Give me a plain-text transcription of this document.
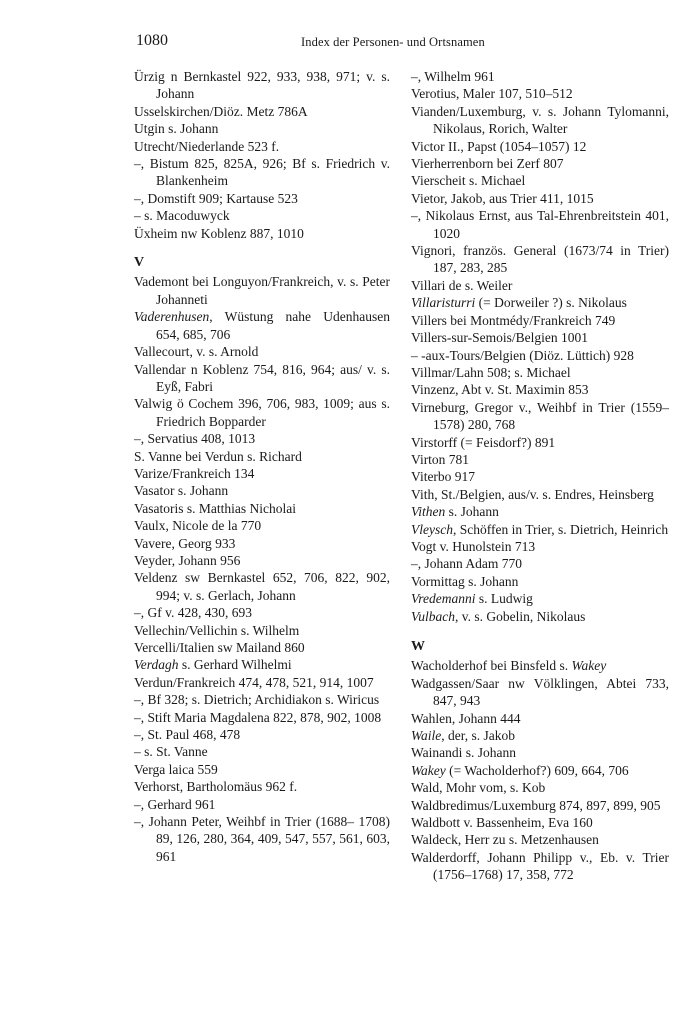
1080	Index der Personen- und Ortsnamen
Ürzig n Bernkastel 922, 933, 938, 971; v. s. Johann
Usselskirchen/Diöz. Metz 786A
Utgin s. Johann
Utrecht/Niederlande 523 f.
–, Bistum 825, 825A, 926; Bf s. Friedrich v. Blankenheim
–, Domstift 909; Kartause 523
– s. Macoduwyck
Üxheim nw Koblenz 887, 1010
V
Vademont bei Longuyon/Frankreich, v. s. Peter Johanneti
Vaderenhusen, Wüstung nahe Udenhausen 654, 685, 706
Vallecourt, v. s. Arnold
Vallendar n Koblenz 754, 816, 964; aus/ v. s. Eyß, Fabri
Valwig ö Cochem 396, 706, 983, 1009; aus s. Friedrich Bopparder
–, Servatius 408, 1013
S. Vanne bei Verdun s. Richard
Varize/Frankreich 134
Vasator s. Johann
Vasatoris s. Matthias Nicholai
Vaulx, Nicole de la 770
Vavere, Georg 933
Veyder, Johann 956
Veldenz sw Bernkastel 652, 706, 822, 902, 994; v. s. Gerlach, Johann
–, Gf v. 428, 430, 693
Vellechin/Vellichin s. Wilhelm
Vercelli/Italien sw Mailand 860
Verdagh s. Gerhard Wilhelmi
Verdun/Frankreich 474, 478, 521, 914, 1007
–, Bf 328; s. Dietrich; Archidiakon s. Wiricus
–, Stift Maria Magdalena 822, 878, 902, 1008
–, St. Paul 468, 478
– s. St. Vanne
Verga laica 559
Verhorst, Bartholomäus 962 f.
–, Gerhard 961
–, Johann Peter, Weihbf in Trier (1688– 1708) 89, 126, 280, 364, 409, 547, 557, 561, 603, 961
–, Wilhelm 961
Verotius, Maler 107, 510–512
Vianden/Luxemburg, v. s. Johann Tylomanni, Nikolaus, Rorich, Walter
Victor II., Papst (1054–1057) 12
Vierherrenborn bei Zerf 807
Vierscheit s. Michael
Vietor, Jakob, aus Trier 411, 1015
–, Nikolaus Ernst, aus Tal-Ehrenbreitstein 401, 1020
Vignori, französ. General (1673/74 in Trier) 187, 283, 285
Villari de s. Weiler
Villaristurri (= Dorweiler ?) s. Nikolaus
Villers bei Montmédy/Frankreich 749
Villers-sur-Semois/Belgien 1001
– -aux-Tours/Belgien (Diöz. Lüttich) 928
Villmar/Lahn 508; s. Michael
Vinzenz, Abt v. St. Maximin 853
Virneburg, Gregor v., Weihbf in Trier (1559–1578) 280, 768
Virstorff (= Feisdorf?) 891
Virton 781
Viterbo 917
Vith, St./Belgien, aus/v. s. Endres, Heinsberg
Vithen s. Johann
Vleysch, Schöffen in Trier, s. Dietrich, Heinrich
Vogt v. Hunolstein 713
–, Johann Adam 770
Vormittag s. Johann
Vredemanni s. Ludwig
Vulbach, v. s. Gobelin, Nikolaus
W
Wacholderhof bei Binsfeld s. Wakey
Wadgassen/Saar nw Völklingen, Abtei 733, 847, 943
Wahlen, Johann 444
Waile, der, s. Jakob
Wainandi s. Johann
Wakey (= Wacholderhof?) 609, 664, 706
Wald, Mohr vom, s. Kob
Waldbredimus/Luxemburg 874, 897, 899, 905
Waldbott v. Bassenheim, Eva 160
Waldeck, Herr zu s. Metzenhausen
Walderdorff, Johann Philipp v., Eb. v. Trier (1756–1768) 17, 358, 772
